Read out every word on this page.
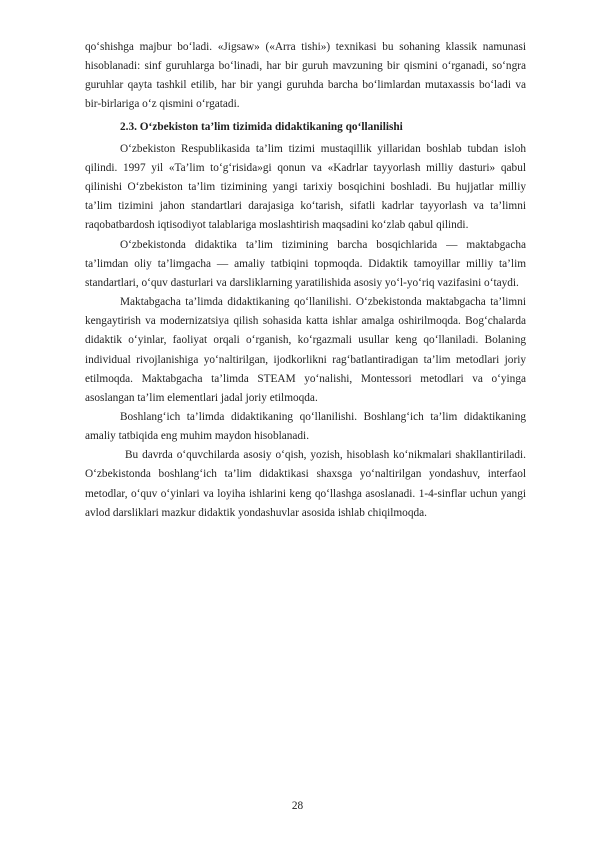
qo‘shishga majbur bo‘ladi. «Jigsaw» («Arra tishi») texnikasi bu sohaning klassik namunasi hisoblanadi: sinf guruhlarga bo‘linadi, har bir guruh mavzuning bir qismini o‘rganadi, so‘ngra guruhlar qayta tashkil etilib, har bir yangi guruhda barcha bo‘limlardan mutaxassis bo‘ladi va bir-birlariga o‘z qismini o‘rgatadi.

2.3. O‘zbekiston ta’lim tizimida didaktikaning qo‘llanilishi

O‘zbekiston Respublikasida ta’lim tizimi mustaqillik yillaridan boshlab tubdan isloh qilindi. 1997 yil «Ta’lim to‘g‘risida»gi qonun va «Kadrlar tayyorlash milliy dasturi» qabul qilinishi O‘zbekiston ta’lim tizimining yangi tarixiy bosqichini boshladi. Bu hujjatlar milliy ta’lim tizimini jahon standartlari darajasiga ko‘tarish, sifatli kadrlar tayyorlash va ta’limni raqobatbardosh iqtisodiyot talablariga moslashtirish maqsadini ko‘zlab qabul qilindi.

O‘zbekistonda didaktika ta’lim tizimining barcha bosqichlarida — maktabgacha ta’limdan oliy ta’limgacha — amaliy tatbiqini topmoqda. Didaktik tamoyillar milliy ta’lim standartlari, o‘quv dasturlari va darsliklarning yaratilishida asosiy yo‘l-yo‘riq vazifasini o‘taydi.

Maktabgacha ta’limda didaktikaning qo‘llanilishi. O‘zbekistonda maktabgacha ta’limni kengaytirish va modernizatsiya qilish sohasida katta ishlar amalga oshirilmoqda. Bog‘chalarda didaktik o‘yinlar, faoliyat orqali o‘rganish, ko‘rgazmali usullar keng qo‘llaniladi. Bolaning individual rivojlanishiga yo‘naltirilgan, ijodkorlikni rag‘batlantiradigan ta’lim metodlari joriy etilmoqda. Maktabgacha ta’limda STEAM yo‘nalishi, Montessori metodlari va o‘yinga asoslangan ta’lim elementlari jadal joriy etilmoqda.

Boshlang‘ich ta’limda didaktikaning qo‘llanilishi. Boshlang‘ich ta’lim didaktikaning amaliy tatbiqida eng muhim maydon hisoblanadi.

Bu davrda o‘quvchilarda asosiy o‘qish, yozish, hisoblash ko‘nikmalari shakllantiriladi. O‘zbekistonda boshlang‘ich ta’lim didaktikasi shaxsga yo‘naltirilgan yondashuv, interfaol metodlar, o‘quv o‘yinlari va loyiha ishlarini keng qo‘llashga asoslanadi. 1-4-sinflar uchun yangi avlod darsliklari mazkur didaktik yondashuvlar asosida ishlab chiqilmoqda.

28
